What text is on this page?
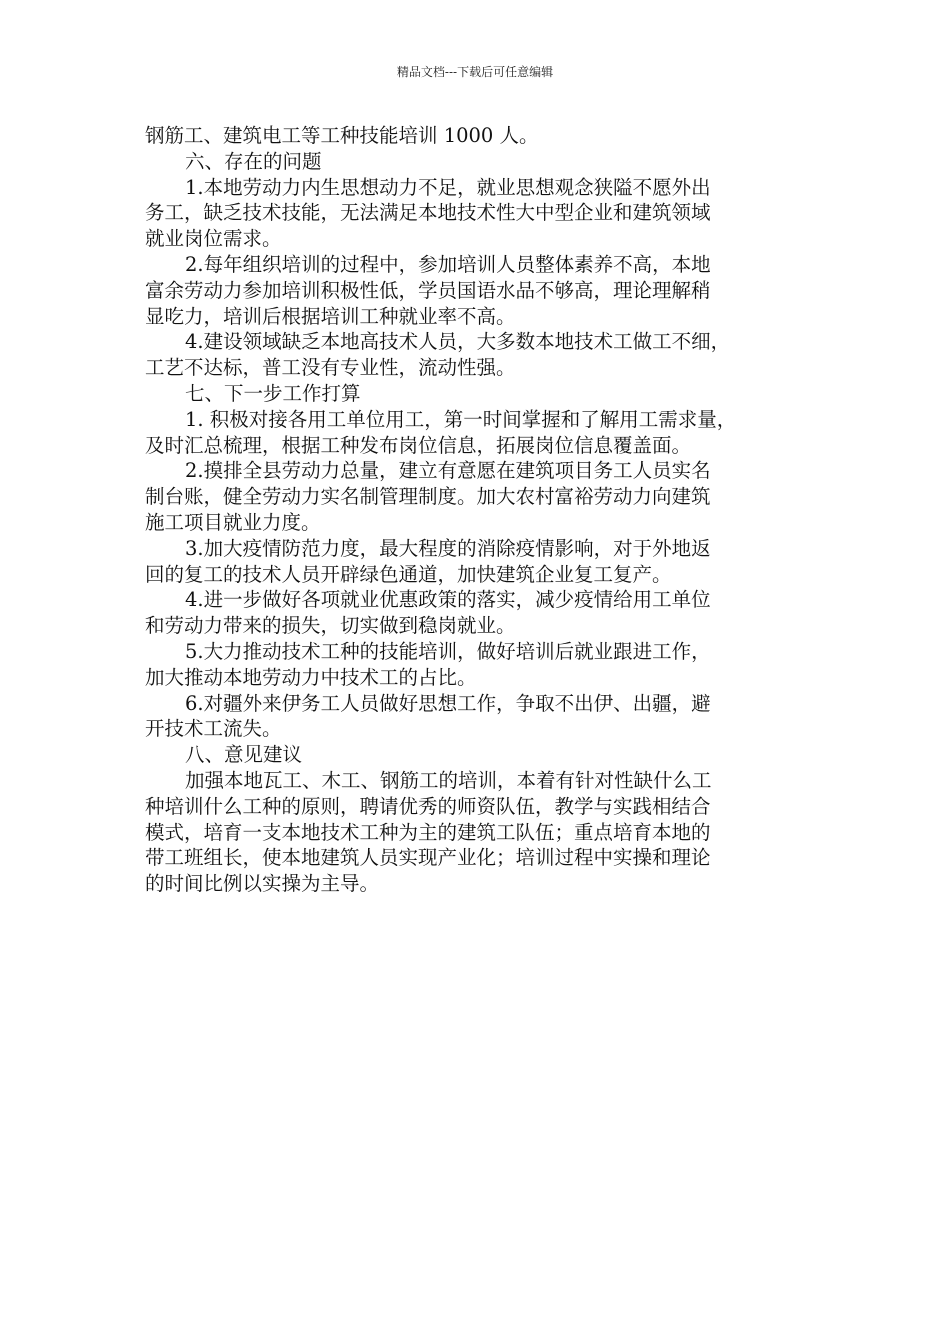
精品文档---下载后可任意编辑
钢筋工、建筑电工等工种技能培训 1000 人。
六、存在的问题
1.本地劳动力内生思想动力不足，就业思想观念狭隘不愿外出
务工，缺乏技术技能，无法满足本地技术性大中型企业和建筑领域
就业岗位需求。
2.每年组织培训的过程中，参加培训人员整体素养不高，本地
富余劳动力参加培训积极性低，学员国语水品不够高，理论理解稍
显吃力，培训后根据培训工种就业率不高。
4.建设领域缺乏本地高技术人员，大多数本地技术工做工不细，
工艺不达标，普工没有专业性，流动性强。
七、下一步工作打算
1. 积极对接各用工单位用工，第一时间掌握和了解用工需求量，
及时汇总梳理，根据工种发布岗位信息，拓展岗位信息覆盖面。
2.摸排全县劳动力总量，建立有意愿在建筑项目务工人员实名
制台账，健全劳动力实名制管理制度。加大农村富裕劳动力向建筑
施工项目就业力度。
3.加大疫情防范力度，最大程度的消除疫情影响，对于外地返
回的复工的技术人员开辟绿色通道，加快建筑企业复工复产。
4.进一步做好各项就业优惠政策的落实，减少疫情给用工单位
和劳动力带来的损失，切实做到稳岗就业。
5.大力推动技术工种的技能培训，做好培训后就业跟进工作，
加大推动本地劳动力中技术工的占比。
6.对疆外来伊务工人员做好思想工作，争取不出伊、出疆，避
开技术工流失。
八、意见建议
加强本地瓦工、木工、钢筋工的培训，本着有针对性缺什么工
种培训什么工种的原则，聘请优秀的师资队伍，教学与实践相结合
模式，培育一支本地技术工种为主的建筑工队伍；重点培育本地的
带工班组长，使本地建筑人员实现产业化；培训过程中实操和理论
的时间比例以实操为主导。
